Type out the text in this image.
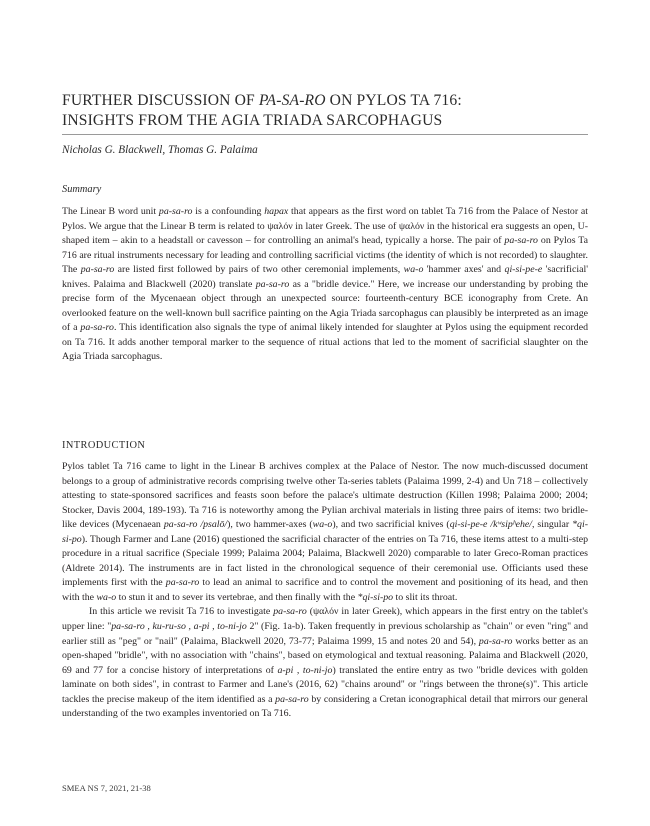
FURTHER DISCUSSION OF PA-SA-RO ON PYLOS TA 716:
INSIGHTS FROM THE AGIA TRIADA SARCOPHAGUS
Nicholas G. Blackwell, Thomas G. Palaima
Summary

The Linear B word unit pa-sa-ro is a confounding hapax that appears as the first word on tablet Ta 716 from the Palace of Nestor at Pylos. We argue that the Linear B term is related to ψαλόν in later Greek. The use of ψαλόν in the historical era suggests an open, U-shaped item – akin to a headstall or cavesson – for controlling an animal's head, typically a horse. The pair of pa-sa-ro on Pylos Ta 716 are ritual instruments necessary for leading and controlling sacrificial victims (the identity of which is not recorded) to slaughter. The pa-sa-ro are listed first followed by pairs of two other ceremonial implements, wa-o 'hammer axes' and qi-si-pe-e 'sacrificial' knives. Palaima and Blackwell (2020) translate pa-sa-ro as a "bridle device." Here, we increase our understanding by probing the precise form of the Mycenaean object through an unexpected source: fourteenth-century BCE iconography from Crete. An overlooked feature on the well-known bull sacrifice painting on the Agia Triada sarcophagus can plausibly be interpreted as an image of a pa-sa-ro. This identification also signals the type of animal likely intended for slaughter at Pylos using the equipment recorded on Ta 716. It adds another temporal marker to the sequence of ritual actions that led to the moment of sacrificial slaughter on the Agia Triada sarcophagus.

INTRODUCTION

Pylos tablet Ta 716 came to light in the Linear B archives complex at the Palace of Nestor. The now much-discussed document belongs to a group of administrative records comprising twelve other Ta-series tablets (Palaima 1999, 2-4) and Un 718 – collectively attesting to state-sponsored sacrifices and feasts soon before the palace's ultimate destruction (Killen 1998; Palaima 2000; 2004; Stocker, Davis 2004, 189-193). Ta 716 is noteworthy among the Pylian archival materials in listing three pairs of items: two bridle-like devices (Mycenaean pa-sa-ro /psalō/), two hammer-axes (wa-o), and two sacrificial knives (qi-si-pe-e /kʷsipʰehe/, singular *qi-si-po). Though Farmer and Lane (2016) questioned the sacrificial character of the entries on Ta 716, these items attest to a multi-step procedure in a ritual sacrifice (Speciale 1999; Palaima 2004; Palaima, Blackwell 2020) comparable to later Greco-Roman practices (Aldrete 2014). The instruments are in fact listed in the chronological sequence of their ceremonial use. Officiants used these implements first with the pa-sa-ro to lead an animal to sacrifice and to control the movement and positioning of its head, and then with the wa-o to stun it and to sever its vertebrae, and then finally with the *qi-si-po to slit its throat.

In this article we revisit Ta 716 to investigate pa-sa-ro (ψαλόν in later Greek), which appears in the first entry on the tablet's upper line: "pa-sa-ro , ku-ru-so , a-pi , to-ni-jo 2" (Fig. 1a-b). Taken frequently in previous scholarship as "chain" or even "ring" and earlier still as "peg" or "nail" (Palaima, Blackwell 2020, 73-77; Palaima 1999, 15 and notes 20 and 54), pa-sa-ro works better as an open-shaped "bridle", with no association with "chains", based on etymological and textual reasoning. Palaima and Blackwell (2020, 69 and 77 for a concise history of interpretations of a-pi , to-ni-jo) translated the entire entry as two "bridle devices with golden laminate on both sides", in contrast to Farmer and Lane's (2016, 62) "chains around" or "rings between the throne(s)". This article tackles the precise makeup of the item identified as a pa-sa-ro by considering a Cretan iconographical detail that mirrors our general understanding of the two examples inventoried on Ta 716.

SMEA NS 7, 2021, 21-38
